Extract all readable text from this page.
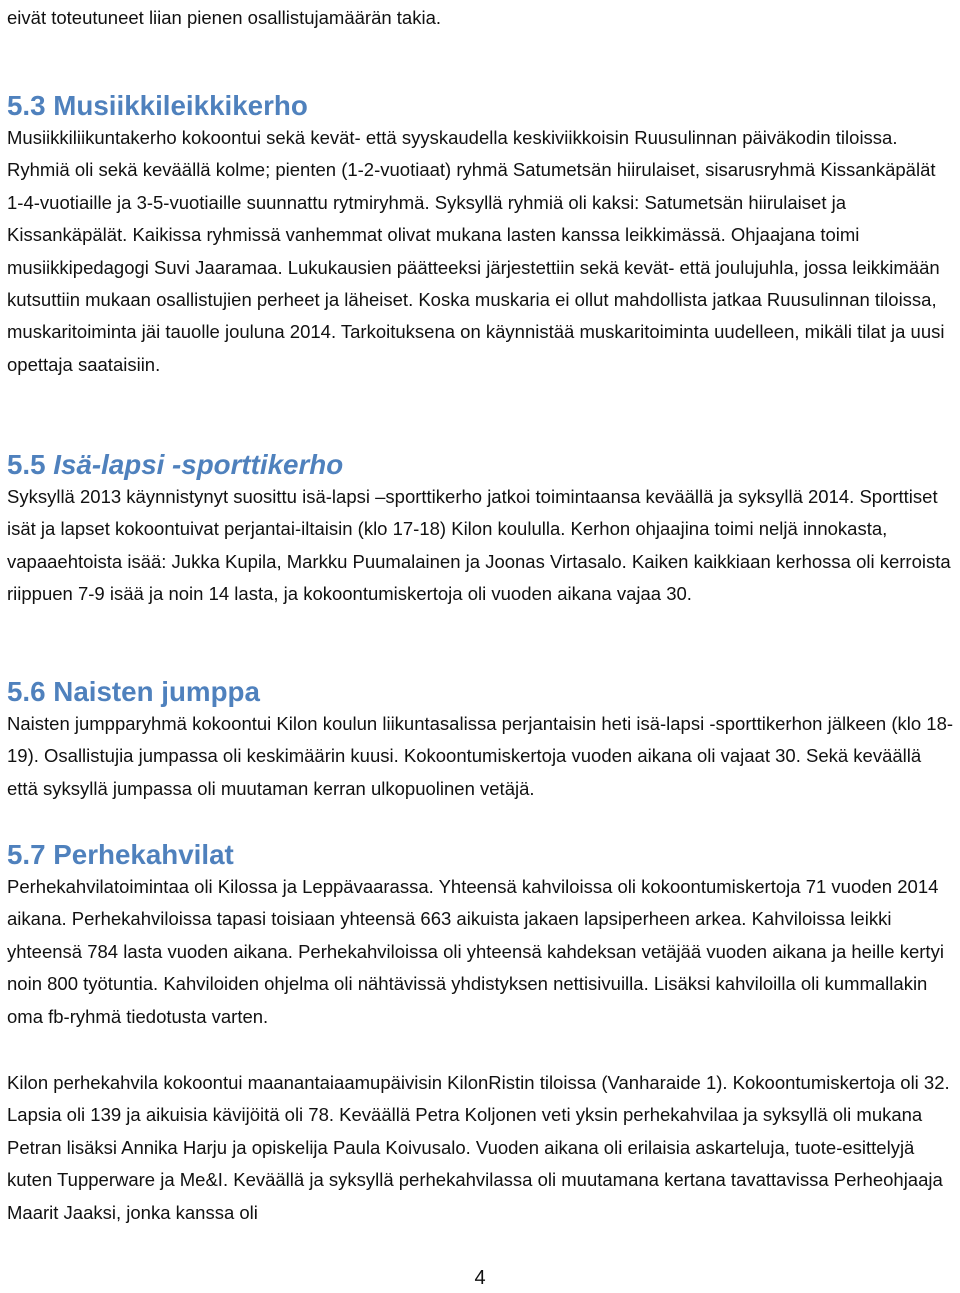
eivät toteutuneet liian pienen osallistujamäärän takia.

5.3 Musiikkileikkikerho

Musiikkiliikuntakerho kokoontui sekä kevät- että syyskaudella keskiviikkoisin Ruusulinnan päiväkodin tiloissa. Ryhmiä oli sekä keväällä kolme; pienten (1-2-vuotiaat) ryhmä Satumetsän hiirulaiset, sisarusryhmä Kissankäpälät 1-4-vuotiaille ja 3-5-vuotiaille suunnattu rytmiryhmä. Syksyllä ryhmiä oli kaksi: Satumetsän hiirulaiset ja Kissankäpälät. Kaikissa ryhmissä vanhemmat olivat mukana lasten kanssa leikkimässä. Ohjaajana toimi musiikkipedagogi Suvi Jaaramaa. Lukukausien päätteeksi järjestettiin sekä kevät- että joulujuhla, jossa leikkimään kutsuttiin mukaan osallistujien perheet ja läheiset. Koska muskaria ei ollut mahdollista jatkaa Ruusulinnan tiloissa, muskaritoiminta jäi tauolle jouluna 2014. Tarkoituksena on käynnistää muskaritoiminta uudelleen, mikäli tilat ja uusi opettaja saataisiin.

5.5 Isä-lapsi -sporttikerho

Syksyllä 2013 käynnistynyt suosittu isä-lapsi –sporttikerho jatkoi toimintaansa keväällä ja syksyllä 2014. Sporttiset isät ja lapset kokoontuivat perjantai-iltaisin (klo 17-18) Kilon koululla. Kerhon ohjaajina toimi neljä innokasta, vapaaehtoista isää: Jukka Kupila, Markku Puumalainen ja Joonas Virtasalo. Kaiken kaikkiaan kerhossa oli kerroista riippuen 7-9 isää ja noin 14 lasta, ja kokoontumiskertoja oli vuoden aikana vajaa 30.

5.6 Naisten jumppa

Naisten jumpparyhmä kokoontui Kilon koulun liikuntasalissa perjantaisin heti isä-lapsi -sporttikerhon jälkeen (klo 18-19). Osallistujia jumpassa oli keskimäärin kuusi. Kokoontumiskertoja vuoden aikana oli vajaat 30. Sekä keväällä että syksyllä jumpassa oli muutaman kerran ulkopuolinen vetäjä.

5.7 Perhekahvilat

Perhekahvilatoimintaa oli Kilossa ja Leppävaarassa. Yhteensä kahviloissa oli kokoontumiskertoja 71 vuoden 2014 aikana. Perhekahviloissa tapasi toisiaan yhteensä 663 aikuista jakaen lapsiperheen arkea. Kahviloissa leikki yhteensä 784 lasta vuoden aikana. Perhekahviloissa oli yhteensä kahdeksan vetäjää vuoden aikana ja heille kertyi noin 800 työtuntia. Kahviloiden ohjelma oli nähtävissä yhdistyksen nettisivuilla. Lisäksi kahviloilla oli kummallakin oma fb-ryhmä tiedotusta varten.

Kilon perhekahvila kokoontui maanantaiaamupäivisin KilonRistin tiloissa (Vanharaide 1). Kokoontumiskertoja oli 32. Lapsia oli 139 ja aikuisia kävijöitä oli 78. Keväällä Petra Koljonen veti yksin perhekahvilaa ja syksyllä oli mukana Petran lisäksi Annika Harju ja opiskelija Paula Koivusalo. Vuoden aikana oli erilaisia askarteluja, tuote-esittelyjä kuten Tupperware ja Me&I. Keväällä ja syksyllä perhekahvilassa oli muutamana kertana tavattavissa Perheohjaaja Maarit Jaaksi, jonka kanssa oli

4
